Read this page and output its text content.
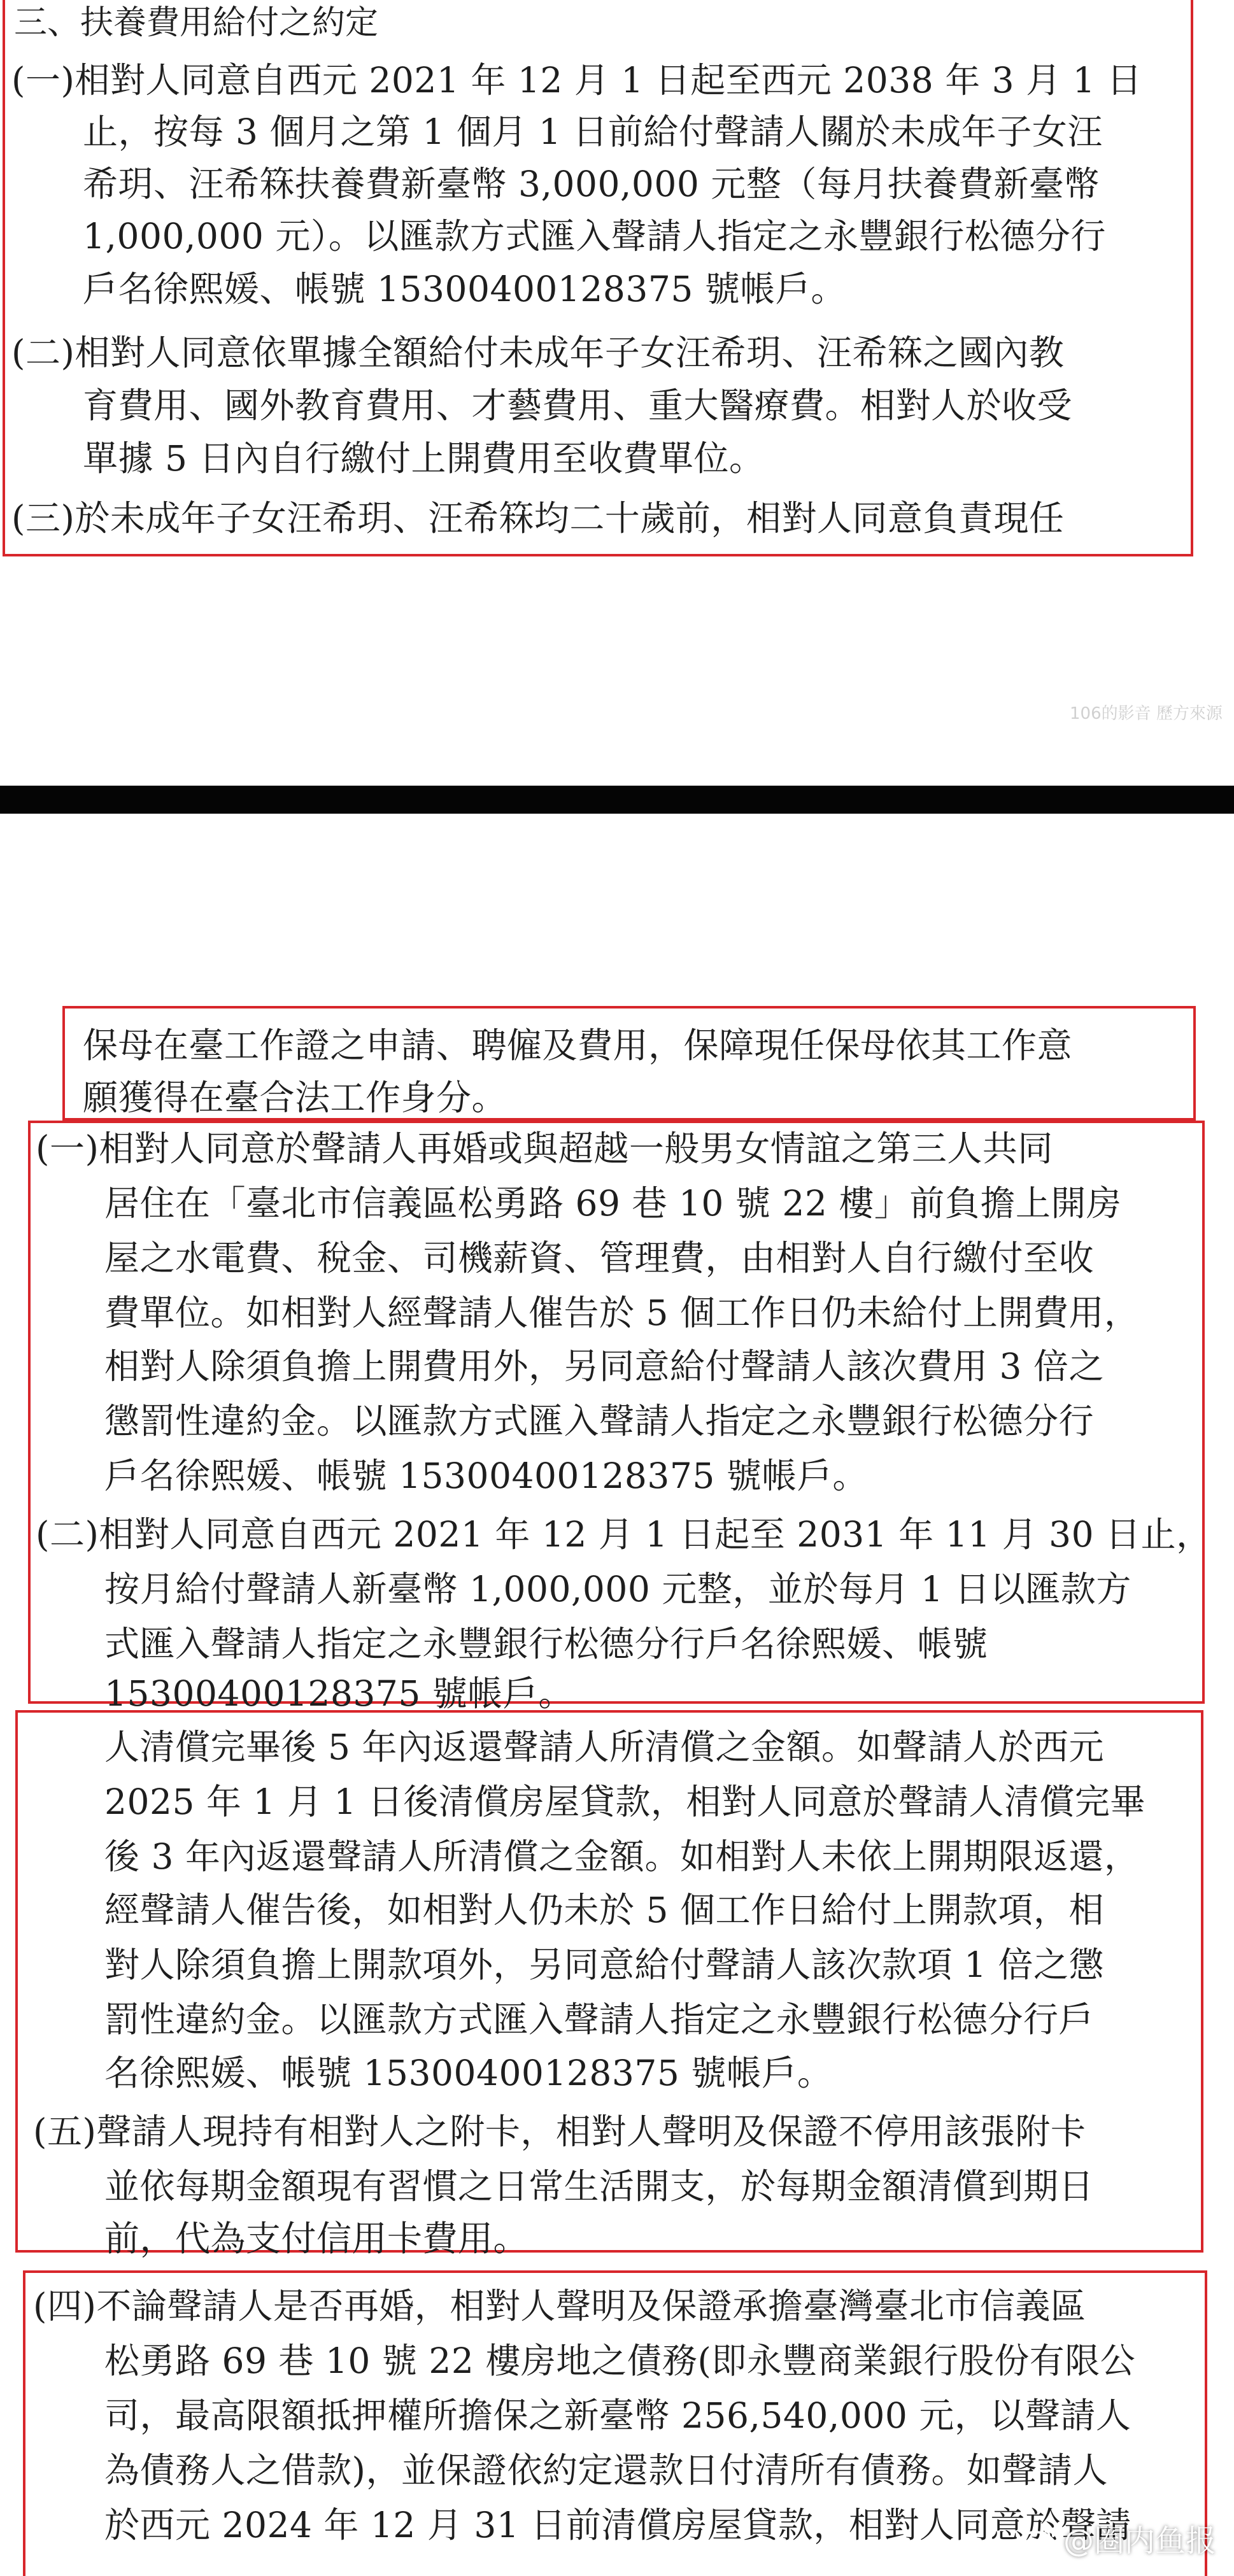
三、扶養費用給付之約定
(一)相對人同意自西元 2021 年 12 月 1 日起至西元 2038 年 3 月 1 日
止，按每 3 個月之第 1 個月 1 日前給付聲請人關於未成年子女汪
希玥、汪希箖扶養費新臺幣 3,000,000 元整（每月扶養費新臺幣
1,000,000 元）。以匯款方式匯入聲請人指定之永豐銀行松德分行
戶名徐熙媛、帳號 15300400128375 號帳戶。
(二)相對人同意依單據全額給付未成年子女汪希玥、汪希箖之國內教
育費用、國外教育費用、才藝費用、重大醫療費。相對人於收受
單據 5 日內自行繳付上開費用至收費單位。
(三)於未成年子女汪希玥、汪希箖均二十歲前，相對人同意負責現任
106的影音 歷方來源
保母在臺工作證之申請、聘僱及費用，保障現任保母依其工作意
願獲得在臺合法工作身分。
(一)相對人同意於聲請人再婚或與超越一般男女情誼之第三人共同
居住在「臺北市信義區松勇路 69 巷 10 號 22 樓」前負擔上開房
屋之水電費、稅金、司機薪資、管理費，由相對人自行繳付至收
費單位。如相對人經聲請人催告於 5 個工作日仍未給付上開費用，
相對人除須負擔上開費用外，另同意給付聲請人該次費用 3 倍之
懲罰性違約金。以匯款方式匯入聲請人指定之永豐銀行松德分行
戶名徐熙媛、帳號 15300400128375 號帳戶。
(二)相對人同意自西元 2021 年 12 月 1 日起至 2031 年 11 月 30 日止，
按月給付聲請人新臺幣 1,000,000 元整，並於每月 1 日以匯款方
式匯入聲請人指定之永豐銀行松德分行戶名徐熙媛、帳號
15300400128375 號帳戶。
人清償完畢後 5 年內返還聲請人所清償之金額。如聲請人於西元
2025 年 1 月 1 日後清償房屋貸款，相對人同意於聲請人清償完畢
後 3 年內返還聲請人所清償之金額。如相對人未依上開期限返還，
經聲請人催告後，如相對人仍未於 5 個工作日給付上開款項，相
對人除須負擔上開款項外，另同意給付聲請人該次款項 1 倍之懲
罰性違約金。以匯款方式匯入聲請人指定之永豐銀行松德分行戶
名徐熙媛、帳號 15300400128375 號帳戶。
(五)聲請人現持有相對人之附卡，相對人聲明及保證不停用該張附卡
並依每期金額現有習慣之日常生活開支，於每期金額清償到期日
前，代為支付信用卡費用。
(四)不論聲請人是否再婚，相對人聲明及保證承擔臺灣臺北市信義區
松勇路 69 巷 10 號 22 樓房地之債務(即永豐商業銀行股份有限公
司，最高限額抵押權所擔保之新臺幣 256,540,000 元，以聲請人
為債務人之借款)，並保證依約定還款日付清所有債務。如聲請人
於西元 2024 年 12 月 31 日前清償房屋貸款，相對人同意於聲請
@圈内鱼报
